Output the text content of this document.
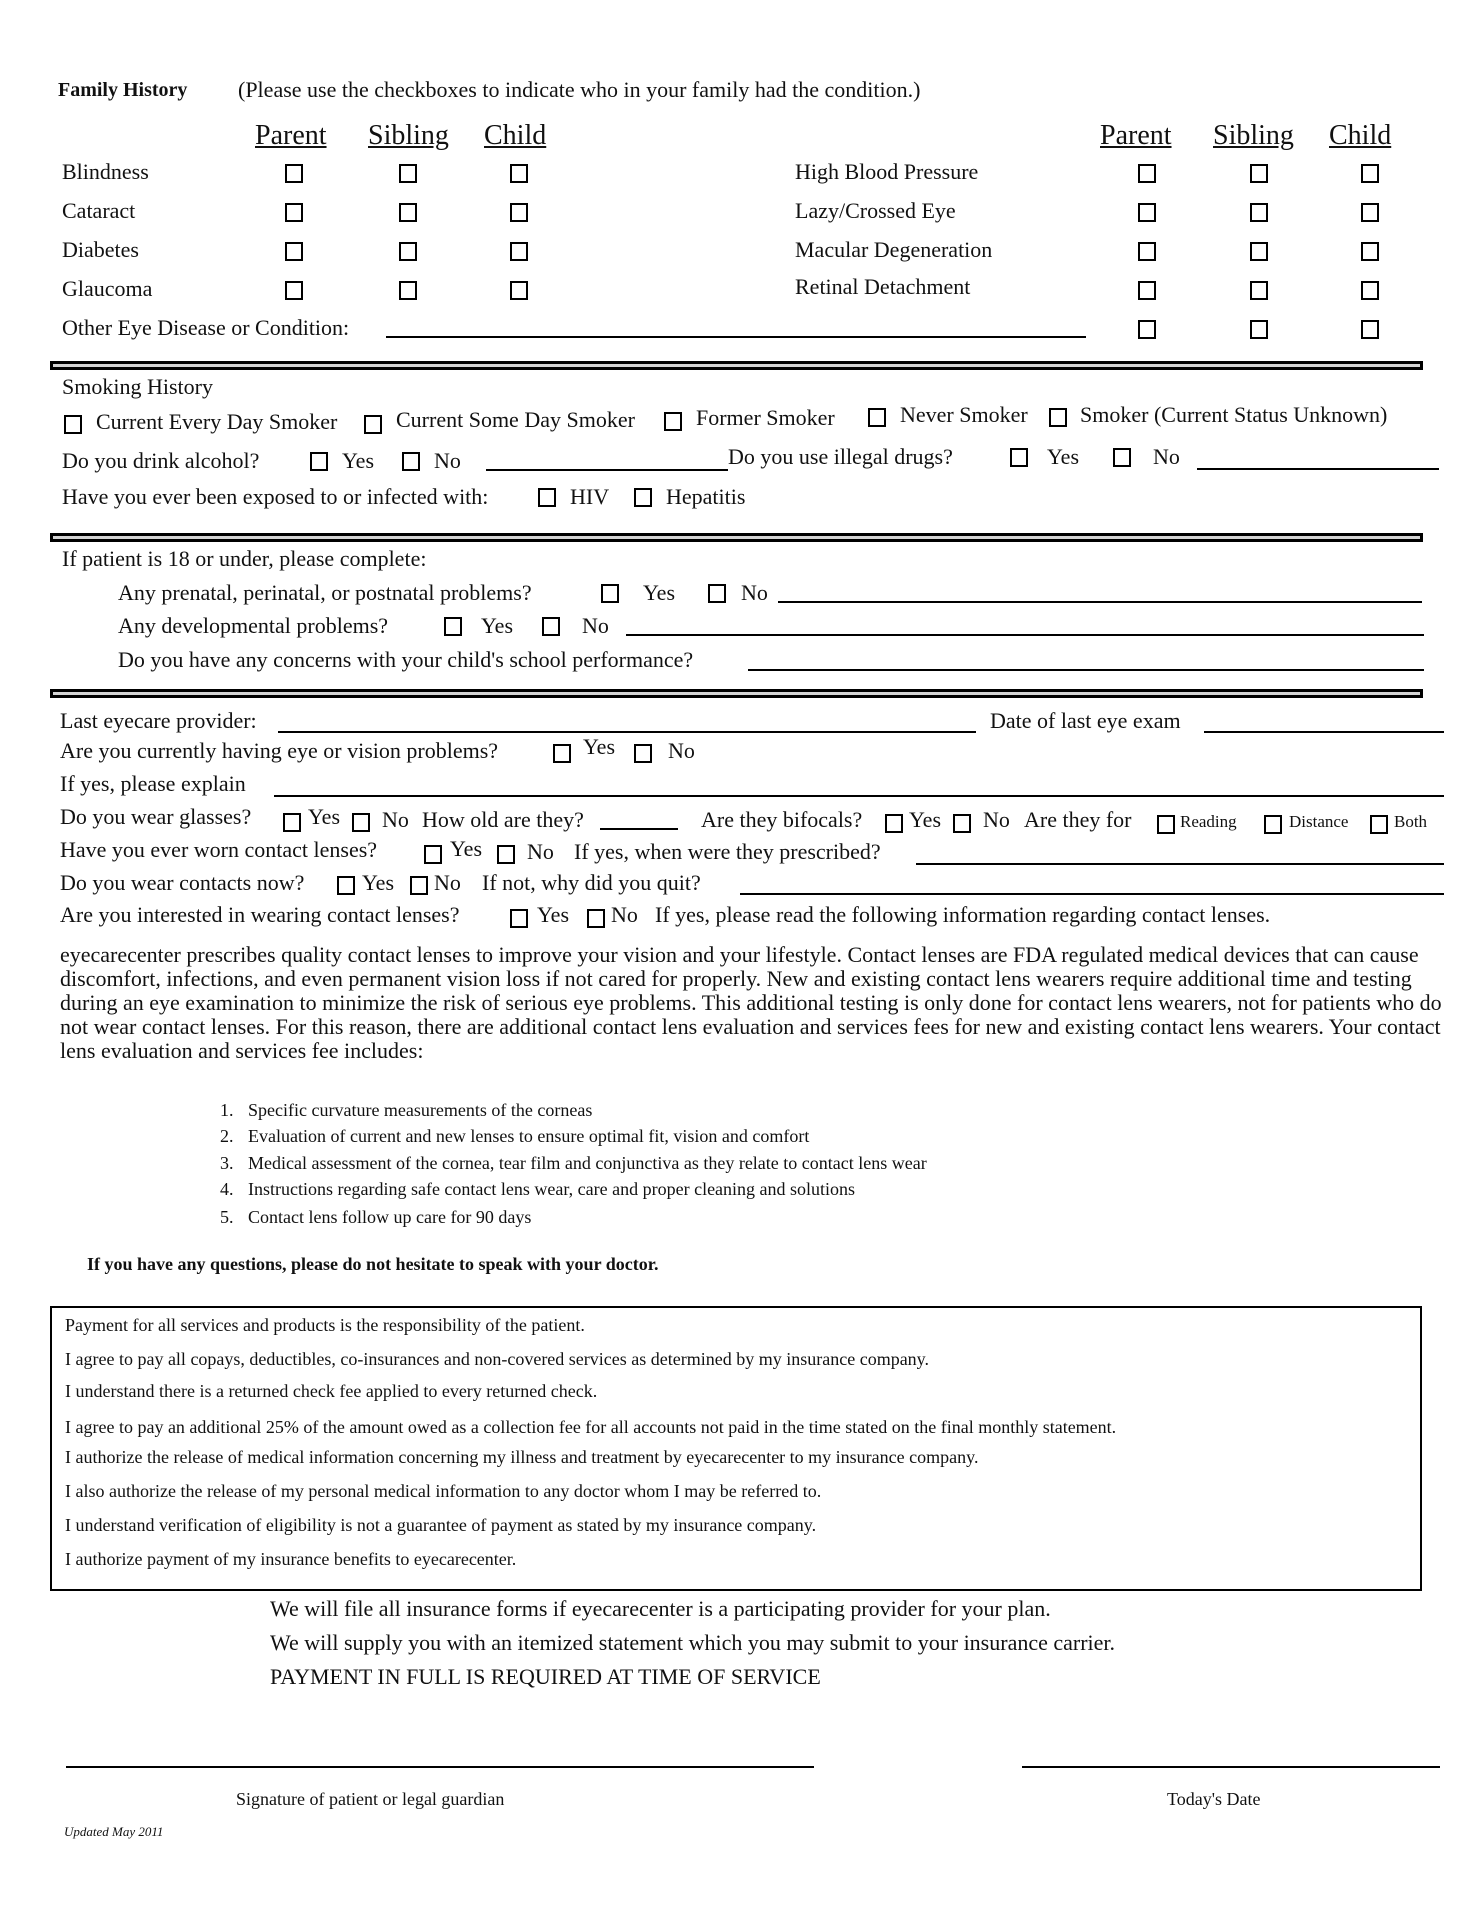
Family History (Please use the checkboxes to indicate who in your family had the condition.)
Parent Sibling Child	Parent Sibling Child
Blindness
Cataract
Diabetes
Glaucoma
Other Eye Disease or Condition:
High Blood Pressure
Lazy/Crossed Eye
Macular Degeneration
Retinal Detachment
Smoking History
Current Every Day Smoker	Current Some Day Smoker	Former Smoker	Never Smoker Smoker (Current Status Unknown)
Do you drink alcohol?	Yes	No	Do you use illegal drugs?	Yes	No
Have you ever been exposed to or infected with:	HIV	Hepatitis
If patient is 18 or under, please complete:
Any prenatal, perinatal, or postnatal problems?	Yes	No
Any developmental problems?	Yes	No
Do you have any concerns with your child's school performance?
Last eyecare provider:	Date of last eye exam
Are you currently having eye or vision problems?	Yes No
If yes, please explain
Do you wear glasses?	Yes No How old are they?	Are they bifocals? Yes No Are they for	Reading	Distance	Both
Have you ever worn contact lenses?	Yes No If yes, when were they prescribed?
Do you wear contacts now?	Yes No If not, why did you quit?
Are you interested in wearing contact lenses?	Yes No If yes, please read the following information regarding contact lenses.
eyecarecenter prescribes quality contact lenses to improve your vision and your lifestyle. Contact lenses are FDA regulated medical devices that can cause discomfort, infections, and even permanent vision loss if not cared for properly. New and existing contact lens wearers require additional time and testing during an eye examination to minimize the risk of serious eye problems. This additional testing is only done for contact lens wearers, not for patients who do not wear contact lenses. For this reason, there are additional contact lens evaluation and services fees for new and existing contact lens wearers. Your contact lens evaluation and services fee includes:
1. Specific curvature measurements of the corneas
2. Evaluation of current and new lenses to ensure optimal fit, vision and comfort
3. Medical assessment of the cornea, tear film and conjunctiva as they relate to contact lens wear
4. Instructions regarding safe contact lens wear, care and proper cleaning and solutions
5. Contact lens follow up care for 90 days
If you have any questions, please do not hesitate to speak with your doctor.
Payment for all services and products is the responsibility of the patient.
I agree to pay all copays, deductibles, co-insurances and non-covered services as determined by my insurance company.
I understand there is a returned check fee applied to every returned check.
I agree to pay an additional 25% of the amount owed as a collection fee for all accounts not paid in the time stated on the final monthly statement.
I authorize the release of medical information concerning my illness and treatment by eyecarecenter to my insurance company.
I also authorize the release of my personal medical information to any doctor whom I may be referred to.
I understand verification of eligibility is not a guarantee of payment as stated by my insurance company.
I authorize payment of my insurance benefits to eyecarecenter.
We will file all insurance forms if eyecarecenter is a participating provider for your plan.
We will supply you with an itemized statement which you may submit to your insurance carrier.
PAYMENT IN FULL IS REQUIRED AT TIME OF SERVICE
Signature of patient or legal guardian	Today's Date
Updated May 2011
